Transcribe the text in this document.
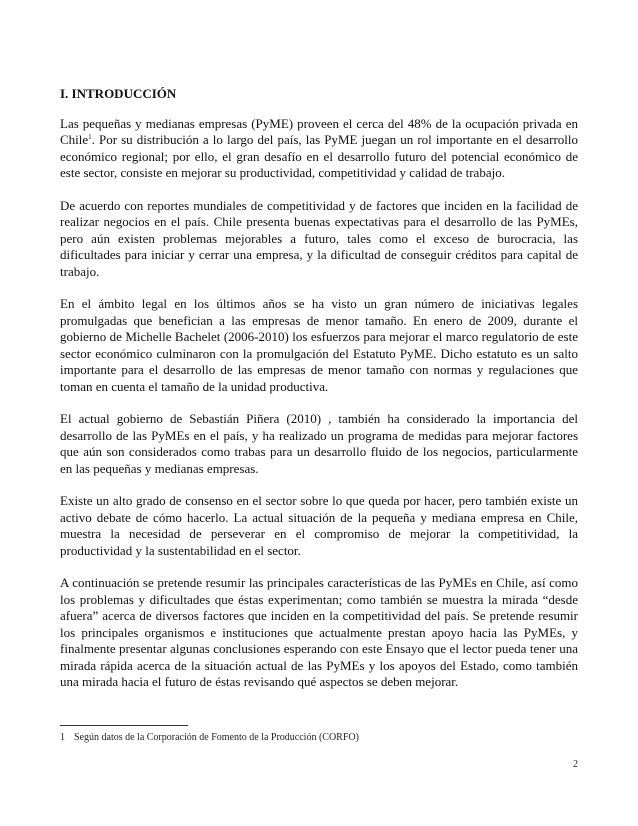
I. INTRODUCCIÓN

Las pequeñas y medianas empresas (PyME) proveen el cerca del 48% de la ocupación privada en Chile$^1$. Por su distribución a lo largo del país, las PyME juegan un rol importante en el desarrollo económico regional; por ello, el gran desafío en el desarrollo futuro del potencial económico de este sector, consiste en mejorar su productividad, competitividad y calidad de trabajo.

De acuerdo con reportes mundiales de competitividad y de factores que inciden en la facilidad de realizar negocios en el país. Chile presenta buenas expectativas para el desarrollo de las PyMEs, pero aún existen problemas mejorables a futuro, tales como el exceso de burocracia, las dificultades para iniciar y cerrar una empresa, y la dificultad de conseguir créditos para capital de trabajo.

En el ámbito legal en los últimos años se ha visto un gran número de iniciativas legales promulgadas que benefician a las empresas de menor tamaño. En enero de 2009, durante el gobierno de Michelle Bachelet (2006-2010) los esfuerzos para mejorar el marco regulatorio de este sector económico culminaron con la promulgación del Estatuto PyME. Dicho estatuto es un salto importante para el desarrollo de las empresas de menor tamaño con normas y regulaciones que toman en cuenta el tamaño de la unidad productiva.

El actual gobierno de Sebastián Piñera (2010) , también ha considerado la importancia del desarrollo de las PyMEs en el país, y ha realizado un programa de medidas para mejorar factores que aún son considerados como trabas para un desarrollo fluido de los negocios, particularmente en las pequeñas y medianas empresas.

Existe un alto grado de consenso en el sector sobre lo que queda por hacer, pero también existe un activo debate de cómo hacerlo. La actual situación de la pequeña y mediana empresa en Chile, muestra la necesidad de perseverar en el compromiso de mejorar la competitividad, la productividad y la sustentabilidad en el sector.

A continuación se pretende resumir las principales características de las PyMEs en Chile, así como los problemas y dificultades que éstas experimentan; como también se muestra la mirada “desde afuera” acerca de diversos factores que inciden en la competitividad del país. Se pretende resumir los principales organismos e instituciones que actualmente prestan apoyo hacia las PyMEs, y finalmente presentar algunas conclusiones esperando con este Ensayo que el lector pueda tener una mirada rápida acerca de la situación actual de las PyMEs y los apoyos del Estado, como también una mirada hacia el futuro de éstas revisando qué aspectos se deben mejorar.

1 Según datos de la Corporación de Fomento de la Producción (CORFO)
2
